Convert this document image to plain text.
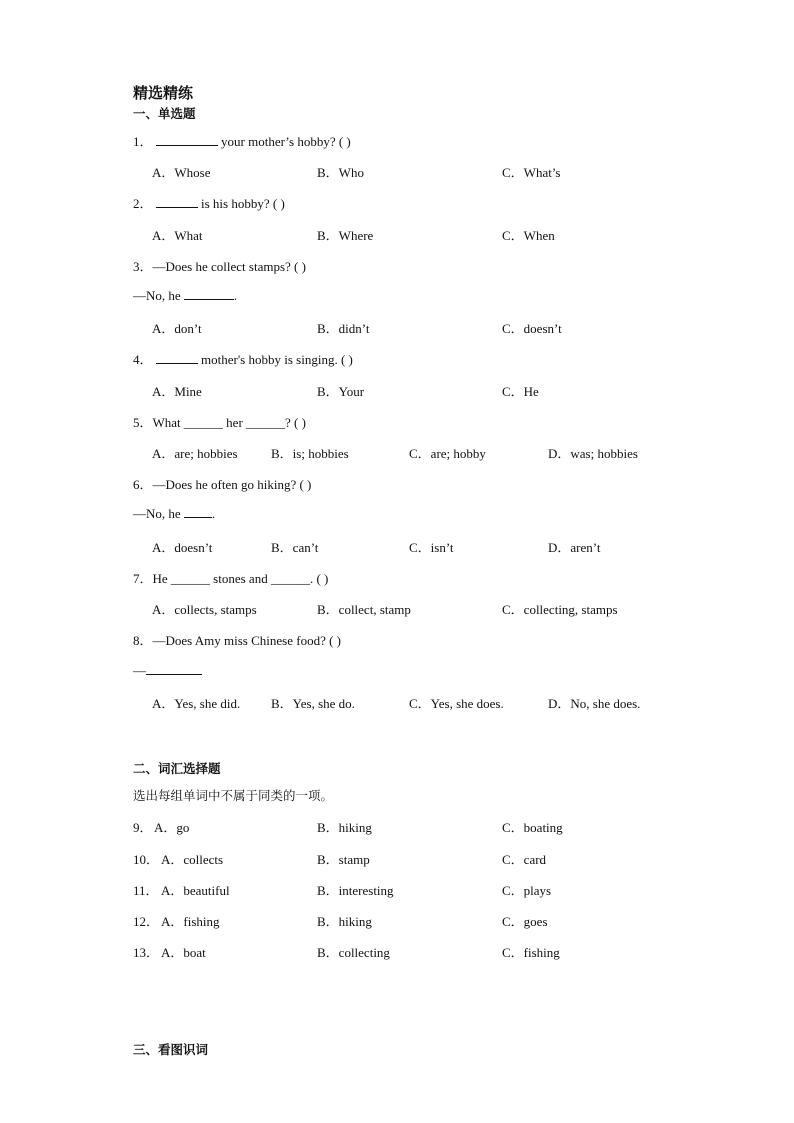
精选精练
一、单选题
1．	your mother’s hobby? ( )
A．Whose	B．Who	C．What’s
2．	is his hobby? ( )
A．What	B．Where	C．When
3．—Does he collect stamps? ( )
—No, he	.
A．don’t	B．didn’t	C．doesn’t
4．	mother's hobby is singing. ( )
A．Mine	B．Your	C．He
5．What ______ her ______? ( )
A．are; hobbies	B．is; hobbies	C．are; hobby	D．was; hobbies
6．—Does he often go hiking? ( )
—No, he .
A．doesn’t	B．can’t	C．isn’t	D．aren’t
7．He ______ stones and ______. ( )
A．collects, stamps	B．collect, stamp	C．collecting, stamps
8．—Does Amy miss Chinese food? ( )
—
A．Yes, she did. B．Yes, she do.	C．Yes, she does.	D．No, she does.
二、词汇选择题
选出每组单词中不属于同类的一项。
9． A．go	B．hiking	C．boating
10． A．collects	B．stamp	C．card
11． A．beautiful	B．interesting	C．plays
12． A．fishing	B．hiking	C．goes
13． A．boat	B．collecting	C．fishing
三、看图识词
